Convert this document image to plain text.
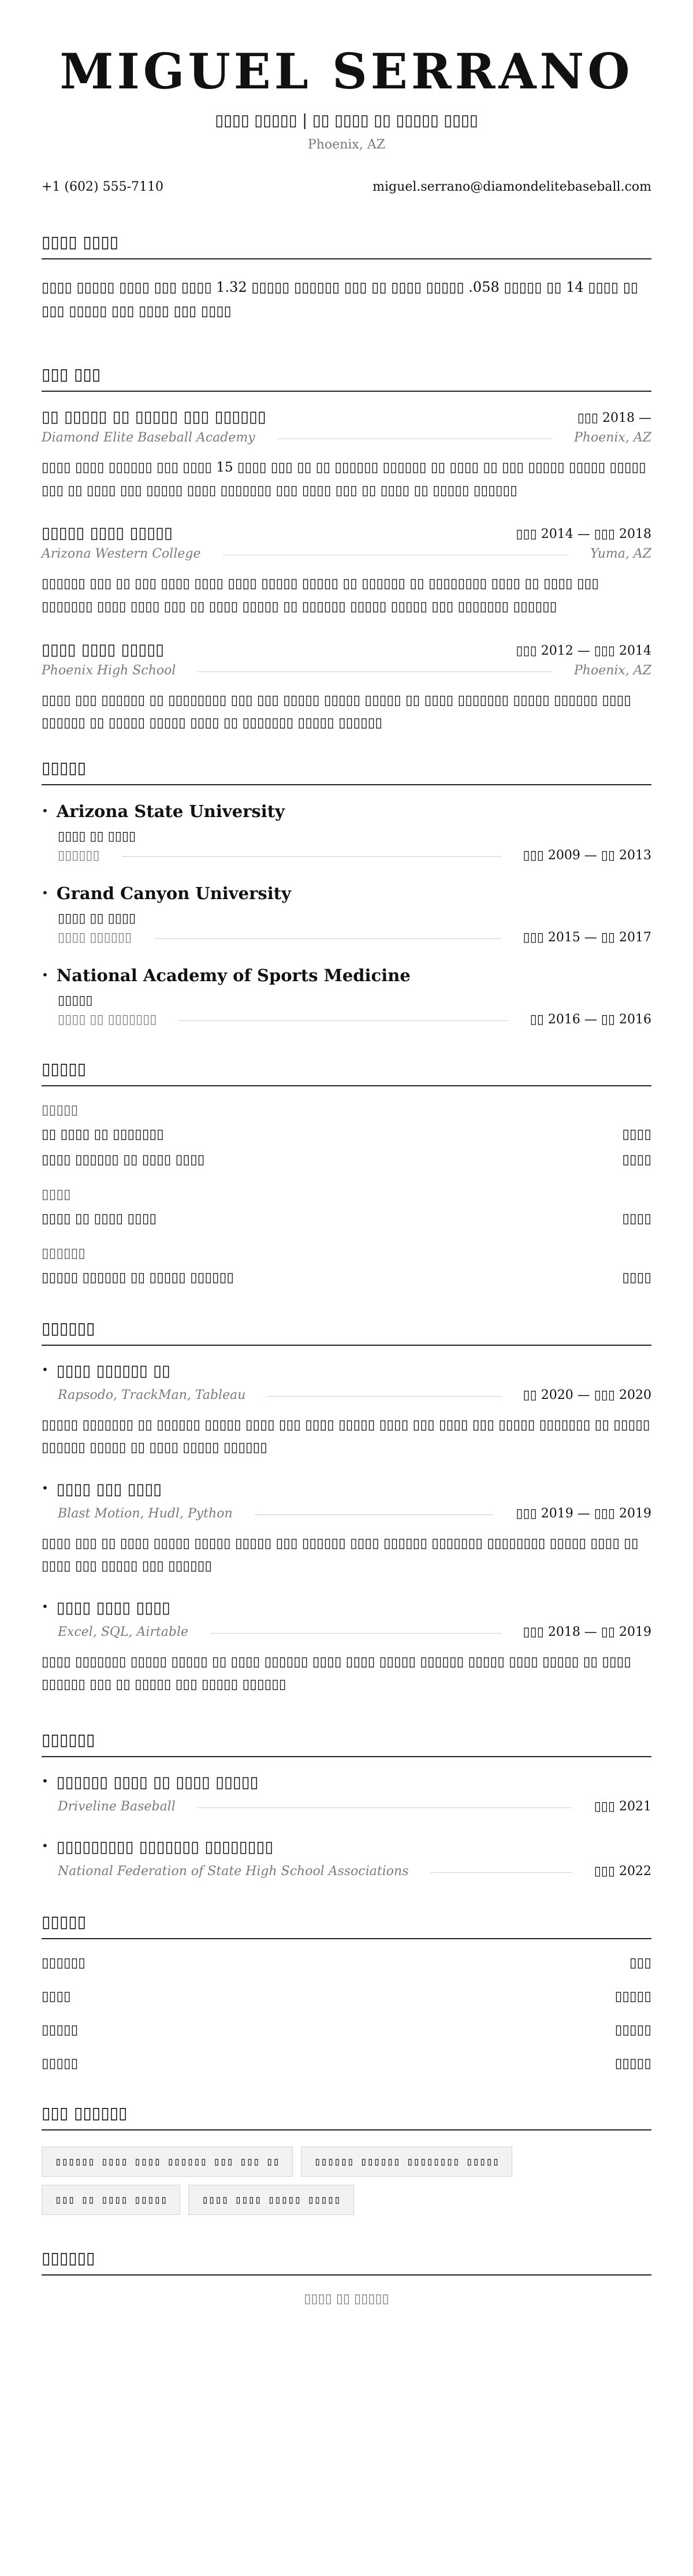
MIGUEL SERRANO
▯▯▯▯ ▯▯▯▯▯ | ▯▯ ▯▯▯▯ ▯▯ ▯▯▯▯▯ ▯▯▯▯
Phoenix, AZ
+1 (602) 555-7110	miguel.serrano@diamondelitebaseball.com
▯▯▯▯ ▯▯▯▯
▯▯▯▯ ▯▯▯▯▯ ▯▯▯▯ ▯▯▯ ▯▯▯▯ 1.32 ▯▯▯▯▯ ▯▯▯▯▯▯ ▯▯▯ ▯▯ ▯▯▯▯ ▯▯▯▯▯ .058 ▯▯▯▯▯ ▯▯ 14 ▯▯▯▯ ▯▯ ▯▯▯ ▯▯▯▯▯ ▯▯▯ ▯▯▯▯ ▯▯▯ ▯▯▯▯
▯▯▯ ▯▯▯
▯▯ ▯▯▯▯▯ ▯▯ ▯▯▯▯▯ ▯▯▯ ▯▯▯▯▯▯	▯▯▯ 2018 —
Diamond Elite Baseball Academy	Phoenix, AZ
▯▯▯▯ ▯▯▯▯ ▯▯▯▯▯▯ ▯▯▯ ▯▯▯▯ 15 ▯▯▯▯ ▯▯▯ ▯▯ ▯▯ ▯▯▯▯▯▯ ▯▯▯▯▯▯ ▯▯ ▯▯▯▯ ▯▯ ▯▯▯ ▯▯▯▯▯ ▯▯▯▯▯ ▯▯▯▯▯ ▯▯▯ ▯▯ ▯▯▯▯ ▯▯▯ ▯▯▯▯▯ ▯▯▯▯ ▯▯▯▯▯▯▯ ▯▯▯ ▯▯▯▯ ▯▯▯ ▯▯ ▯▯▯▯ ▯▯ ▯▯▯▯▯ ▯▯▯▯▯▯
▯▯▯▯▯ ▯▯▯▯ ▯▯▯▯▯	▯▯▯ 2014 — ▯▯▯ 2018
Arizona Western College	Yuma, AZ
▯▯▯▯▯▯ ▯▯▯ ▯▯ ▯▯▯ ▯▯▯▯ ▯▯▯▯ ▯▯▯▯ ▯▯▯▯▯ ▯▯▯▯▯ ▯▯ ▯▯▯▯▯▯ ▯▯ ▯▯▯▯▯▯▯▯ ▯▯▯▯ ▯▯ ▯▯▯▯ ▯▯▯ ▯▯▯▯▯▯▯ ▯▯▯▯ ▯▯▯▯ ▯▯▯ ▯▯ ▯▯▯▯ ▯▯▯▯▯ ▯▯ ▯▯▯▯▯▯ ▯▯▯▯▯ ▯▯▯▯▯ ▯▯▯ ▯▯▯▯▯▯▯ ▯▯▯▯▯▯
▯▯▯▯ ▯▯▯▯ ▯▯▯▯▯	▯▯▯ 2012 — ▯▯▯ 2014
Phoenix High School	Phoenix, AZ
▯▯▯▯ ▯▯▯ ▯▯▯▯▯▯ ▯▯ ▯▯▯▯▯▯▯▯ ▯▯▯ ▯▯▯ ▯▯▯▯▯ ▯▯▯▯▯ ▯▯▯▯▯ ▯▯ ▯▯▯▯ ▯▯▯▯▯▯▯ ▯▯▯▯▯ ▯▯▯▯▯▯ ▯▯▯▯ ▯▯▯▯▯▯ ▯▯ ▯▯▯▯▯ ▯▯▯▯▯ ▯▯▯▯ ▯▯ ▯▯▯▯▯▯▯ ▯▯▯▯▯ ▯▯▯▯▯▯
▯▯▯▯▯
• Arizona State University
▯▯▯▯ ▯▯ ▯▯▯▯
▯▯▯▯▯▯	▯▯▯ 2009 — ▯▯ 2013
• Grand Canyon University
▯▯▯▯ ▯▯ ▯▯▯▯
▯▯▯▯ ▯▯▯▯▯▯	▯▯▯ 2015 — ▯▯ 2017
• National Academy of Sports Medicine
▯▯▯▯▯
▯▯▯▯ ▯▯ ▯▯▯▯▯▯▯	▯▯ 2016 — ▯▯ 2016
▯▯▯▯▯
▯▯▯▯▯
▯▯ ▯▯▯▯ ▯▯ ▯▯▯▯▯▯▯	▯▯▯▯
▯▯▯▯ ▯▯▯▯▯▯ ▯▯ ▯▯▯▯ ▯▯▯▯	▯▯▯▯
▯▯▯▯
▯▯▯▯ ▯▯ ▯▯▯▯ ▯▯▯▯	▯▯▯▯
▯▯▯▯▯▯
▯▯▯▯▯ ▯▯▯▯▯▯ ▯▯ ▯▯▯▯▯ ▯▯▯▯▯▯	▯▯▯▯
▯▯▯▯▯▯
• ▯▯▯▯ ▯▯▯▯▯▯ ▯▯
Rapsodo, TrackMan, Tableau	▯▯ 2020 — ▯▯▯ 2020
▯▯▯▯▯ ▯▯▯▯▯▯▯ ▯▯ ▯▯▯▯▯▯ ▯▯▯▯▯ ▯▯▯▯ ▯▯▯ ▯▯▯▯ ▯▯▯▯▯ ▯▯▯▯ ▯▯▯ ▯▯▯▯ ▯▯▯ ▯▯▯▯▯ ▯▯▯▯▯▯▯ ▯▯ ▯▯▯▯▯ ▯▯▯▯▯▯ ▯▯▯▯▯ ▯▯ ▯▯▯▯ ▯▯▯▯▯ ▯▯▯▯▯▯
• ▯▯▯▯ ▯▯▯ ▯▯▯▯
Blast Motion, Hudl, Python	▯▯▯ 2019 — ▯▯▯ 2019
▯▯▯▯ ▯▯▯ ▯▯ ▯▯▯▯ ▯▯▯▯▯ ▯▯▯▯▯ ▯▯▯▯▯ ▯▯▯ ▯▯▯▯▯▯ ▯▯▯▯ ▯▯▯▯▯▯ ▯▯▯▯▯▯▯ ▯▯▯▯▯▯▯▯ ▯▯▯▯▯ ▯▯▯▯ ▯▯ ▯▯▯▯ ▯▯▯ ▯▯▯▯▯ ▯▯▯ ▯▯▯▯▯▯
• ▯▯▯▯ ▯▯▯▯ ▯▯▯▯
Excel, SQL, Airtable	▯▯▯ 2018 — ▯▯ 2019
▯▯▯▯ ▯▯▯▯▯▯▯ ▯▯▯▯▯ ▯▯▯▯▯ ▯▯ ▯▯▯▯ ▯▯▯▯▯▯ ▯▯▯▯ ▯▯▯▯ ▯▯▯▯▯ ▯▯▯▯▯▯ ▯▯▯▯▯ ▯▯▯▯ ▯▯▯▯▯ ▯▯ ▯▯▯▯ ▯▯▯▯▯▯ ▯▯▯ ▯▯ ▯▯▯▯▯ ▯▯▯ ▯▯▯▯▯ ▯▯▯▯▯▯
▯▯▯▯▯▯
• ▯▯▯▯▯▯ ▯▯▯▯ ▯▯ ▯▯▯▯ ▯▯▯▯▯
Driveline Baseball	▯▯▯ 2021
• ▯▯▯▯▯▯▯▯▯ ▯▯▯▯▯▯▯ ▯▯▯▯▯▯▯▯
National Federation of State High School Associations	▯▯▯ 2022
▯▯▯▯▯
▯▯▯▯▯▯	▯▯▯
▯▯▯▯	▯▯▯▯▯
▯▯▯▯▯	▯▯▯▯▯
▯▯▯▯▯	▯▯▯▯▯
▯▯▯ ▯▯▯▯▯▯
▯▯▯▯▯▯ ▯▯▯▯ ▯▯▯▯ ▯▯▯▯▯▯ ▯▯▯ ▯▯▯ ▯▯	▯▯▯▯▯▯ ▯▯▯▯▯▯ ▯▯▯▯▯▯▯▯ ▯▯▯▯▯
▯▯▯ ▯▯ ▯▯▯▯ ▯▯▯▯▯	▯▯▯▯ ▯▯▯▯ ▯▯▯▯▯ ▯▯▯▯▯
▯▯▯▯▯▯
▯▯▯▯ ▯▯ ▯▯▯▯▯
